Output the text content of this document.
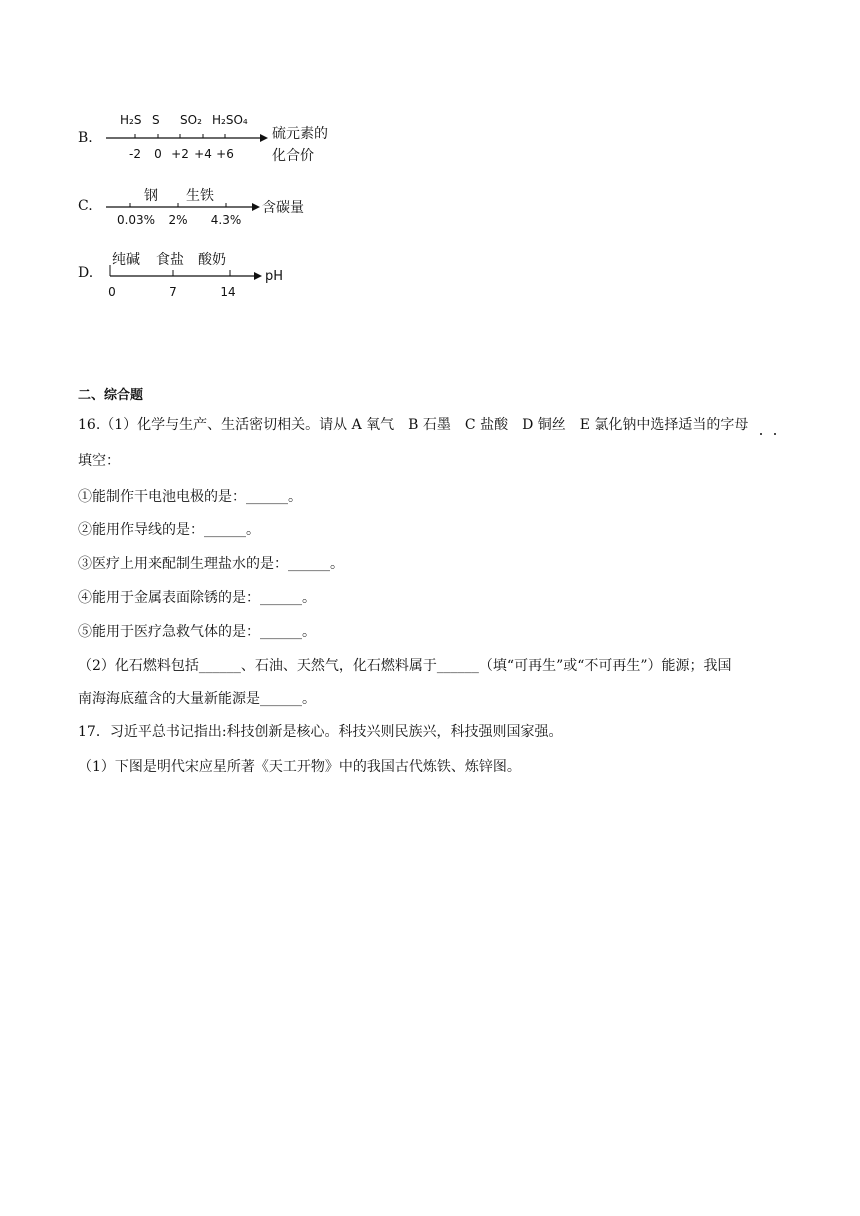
B.
H₂S S SO₂ H₂SO₄
-2 0 +2 +4 +6
硫元素的
化合价
C.
钢 生铁
0.03% 2% 4.3%
含碳量
D.
纯碱 食盐 酸奶
0	7	14
pH
二、综合题
16.（1）化学与生产、生活密切相关。请从 A 氧气　B 石墨　C 盐酸　D 铜丝　E 氯化钠中选择适当的字母
填空：
①能制作干电池电极的是：______。
②能用作导线的是：______。
③医疗上用来配制生理盐水的是：______。
④能用于金属表面除锈的是：______。
⑤能用于医疗急救气体的是：______。
（2）化石燃料包括______、石油、天然气，化石燃料属于______（填“可再生”或“不可再生”）能源；我国
南海海底蕴含的大量新能源是______。
17．习近平总书记指出:科技创新是核心。科技兴则民族兴，科技强则国家强。
（1）下图是明代宋应星所著《天工开物》中的我国古代炼铁、炼锌图。
